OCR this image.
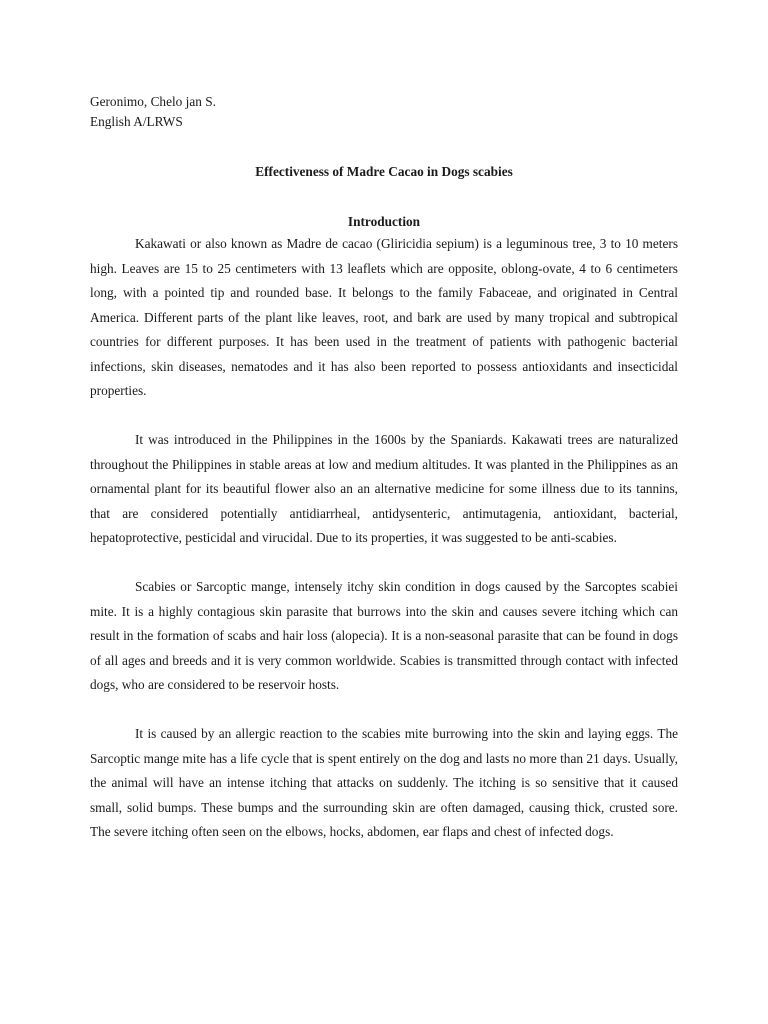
Geronimo, Chelo jan S.

English A/LRWS

Effectiveness of Madre Cacao in Dogs scabies

Introduction

Kakawati or also known as Madre de cacao (Gliricidia sepium) is a leguminous tree, 3 to 10 meters high. Leaves are 15 to 25 centimeters with 13 leaflets which are opposite, oblong-ovate, 4 to 6 centimeters long, with a pointed tip and rounded base. It belongs to the family Fabaceae, and originated in Central America. Different parts of the plant like leaves, root, and bark are used by many tropical and subtropical countries for different purposes. It has been used in the treatment of patients with pathogenic bacterial infections, skin diseases, nematodes and it has also been reported to possess antioxidants and insecticidal properties.

It was introduced in the Philippines in the 1600s by the Spaniards. Kakawati trees are naturalized throughout the Philippines in stable areas at low and medium altitudes. It was planted in the Philippines as an ornamental plant for its beautiful flower also an an alternative medicine for some illness due to its tannins, that are considered potentially antidiarrheal, antidysenteric, antimutagenia, antioxidant, bacterial, hepatoprotective, pesticidal and virucidal. Due to its properties, it was suggested to be anti-scabies.

Scabies or Sarcoptic mange, intensely itchy skin condition in dogs caused by the Sarcoptes scabiei mite. It is a highly contagious skin parasite that burrows into the skin and causes severe itching which can result in the formation of scabs and hair loss (alopecia). It is a non-seasonal parasite that can be found in dogs of all ages and breeds and it is very common worldwide. Scabies is transmitted through contact with infected dogs, who are considered to be reservoir hosts.

It is caused by an allergic reaction to the scabies mite burrowing into the skin and laying eggs. The Sarcoptic mange mite has a life cycle that is spent entirely on the dog and lasts no more than 21 days. Usually, the animal will have an intense itching that attacks on suddenly. The itching is so sensitive that it caused small, solid bumps. These bumps and the surrounding skin are often damaged, causing thick, crusted sore. The severe itching often seen on the elbows, hocks, abdomen, ear flaps and chest of infected dogs.
